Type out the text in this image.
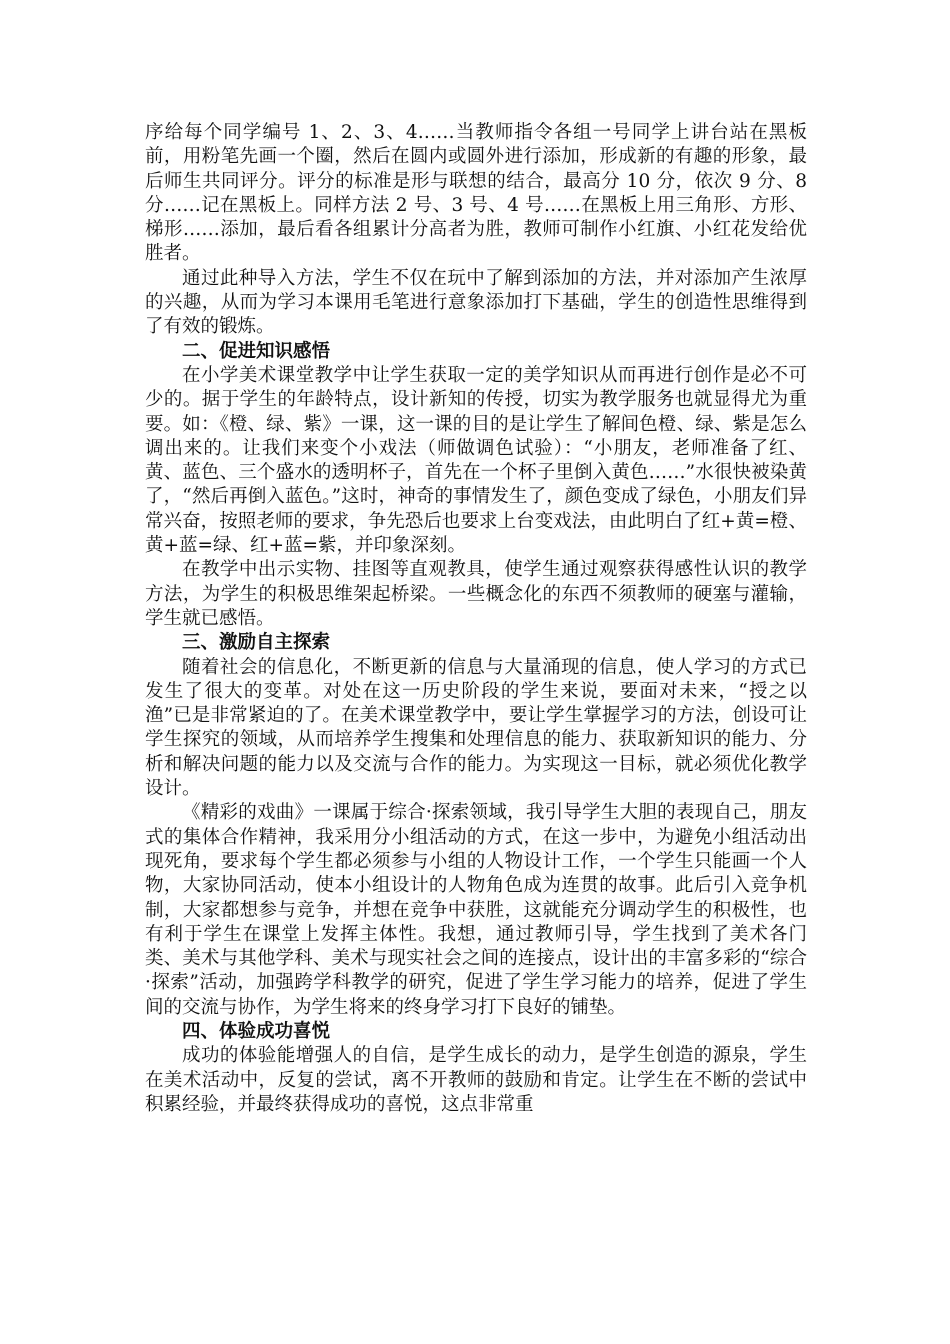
序给每个同学编号 1、2、3、4……当教师指令各组一号同学上讲台站在黑板前，用粉笔先画一个圈，然后在圆内或圆外进行添加，形成新的有趣的形象，最后师生共同评分。评分的标准是形与联想的结合，最高分 10 分，依次 9 分、8 分……记在黑板上。同样方法 2 号、3 号、4 号……在黑板上用三角形、方形、梯形……添加，最后看各组累计分高者为胜，教师可制作小红旗、小红花发给优胜者。

通过此种导入方法，学生不仅在玩中了解到添加的方法，并对添加产生浓厚的兴趣，从而为学习本课用毛笔进行意象添加打下基础，学生的创造性思维得到了有效的锻炼。

二、促进知识感悟

在小学美术课堂教学中让学生获取一定的美学知识从而再进行创作是必不可少的。据于学生的年龄特点，设计新知的传授，切实为教学服务也就显得尤为重要。如：《橙、绿、紫》一课，这一课的目的是让学生了解间色橙、绿、紫是怎么调出来的。让我们来变个小戏法（师做调色试验）：“小朋友，老师准备了红、黄、蓝色、三个盛水的透明杯子，首先在一个杯子里倒入黄色……”水很快被染黄了，“然后再倒入蓝色。”这时，神奇的事情发生了，颜色变成了绿色，小朋友们异常兴奋，按照老师的要求，争先恐后也要求上台变戏法，由此明白了红+黄=橙、黄+蓝=绿、红+蓝=紫，并印象深刻。

在教学中出示实物、挂图等直观教具，使学生通过观察获得感性认识的教学方法，为学生的积极思维架起桥梁。一些概念化的东西不须教师的硬塞与灌输，学生就已感悟。

三、激励自主探索

随着社会的信息化，不断更新的信息与大量涌现的信息，使人学习的方式已发生了很大的变革。对处在这一历史阶段的学生来说，要面对未来，“授之以渔”已是非常紧迫的了。在美术课堂教学中，要让学生掌握学习的方法，创设可让学生探究的领域，从而培养学生搜集和处理信息的能力、获取新知识的能力、分析和解决问题的能力以及交流与合作的能力。为实现这一目标，就必须优化教学设计。

《精彩的戏曲》一课属于综合·探索领域，我引导学生大胆的表现自己，朋友式的集体合作精神，我采用分小组活动的方式，在这一步中，为避免小组活动出现死角，要求每个学生都必须参与小组的人物设计工作，一个学生只能画一个人物，大家协同活动，使本小组设计的人物角色成为连贯的故事。此后引入竞争机制，大家都想参与竞争，并想在竞争中获胜，这就能充分调动学生的积极性，也有利于学生在课堂上发挥主体性。我想，通过教师引导，学生找到了美术各门类、美术与其他学科、美术与现实社会之间的连接点，设计出的丰富多彩的“综合·探索”活动，加强跨学科教学的研究，促进了学生学习能力的培养，促进了学生间的交流与协作，为学生将来的终身学习打下良好的铺垫。

四、体验成功喜悦

成功的体验能增强人的自信，是学生成长的动力，是学生创造的源泉，学生在美术活动中，反复的尝试，离不开教师的鼓励和肯定。让学生在不断的尝试中积累经验，并最终获得成功的喜悦，这点非常重
